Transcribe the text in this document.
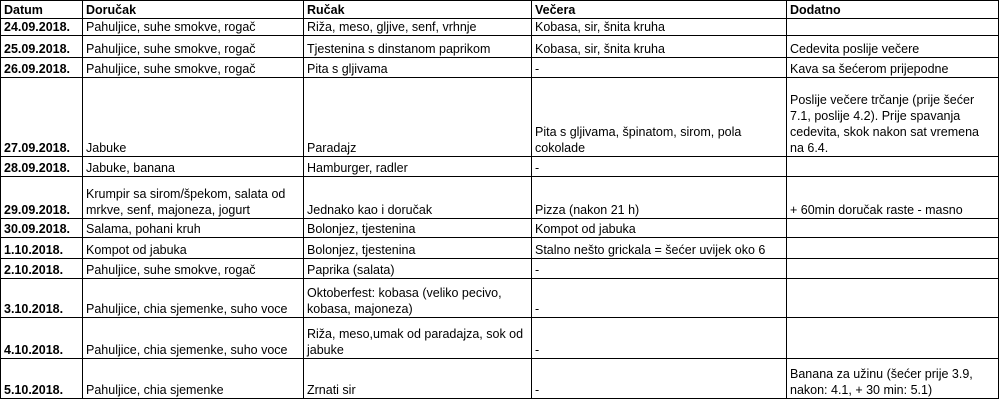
Datum	Doručak	Ručak	Večera	Dodatno
24.09.2018.	Pahuljice, suhe smokve, rogač	Riža, meso, gljive, senf, vrhnje	Kobasa, sir, šnita kruha	
25.09.2018.	Pahuljice, suhe smokve, rogač	Tjestenina s dinstanom paprikom	Kobasa, sir, šnita kruha	Cedevita poslije večere
26.09.2018.	Pahuljice, suhe smokve, rogač	Pita s gljivama	-	Kava sa šećerom prijepodne
27.09.2018.	Jabuke	Paradajz	Pita s gljivama, špinatom, sirom, pola cokolade	Poslije večere trčanje (prije šećer 7.1, poslije 4.2). Prije spavanja cedevita, skok nakon sat vremena na 6.4.
28.09.2018.	Jabuke, banana	Hamburger, radler	-	
29.09.2018.	Krumpir sa sirom/špekom, salata od mrkve, senf, majoneza, jogurt	Jednako kao i doručak	Pizza (nakon 21 h)	+ 60min doručak raste - masno
30.09.2018.	Salama, pohani kruh	Bolonjez, tjestenina	Kompot od jabuka	
1.10.2018.	Kompot od jabuka	Bolonjez, tjestenina	Stalno nešto grickala = šećer uvijek oko 6	
2.10.2018.	Pahuljice, suhe smokve, rogač	Paprika (salata)	-	
3.10.2018.	Pahuljice, chia sjemenke, suho voce	Oktoberfest: kobasa (veliko pecivo, kobasa, majoneza)	-	
4.10.2018.	Pahuljice, chia sjemenke, suho voce	Riža, meso,umak od paradajza, sok od jabuke	-	
5.10.2018.	Pahuljice, chia sjemenke	Zrnati sir	-	Banana za užinu (šećer prije 3.9, nakon: 4.1, + 30 min: 5.1)
